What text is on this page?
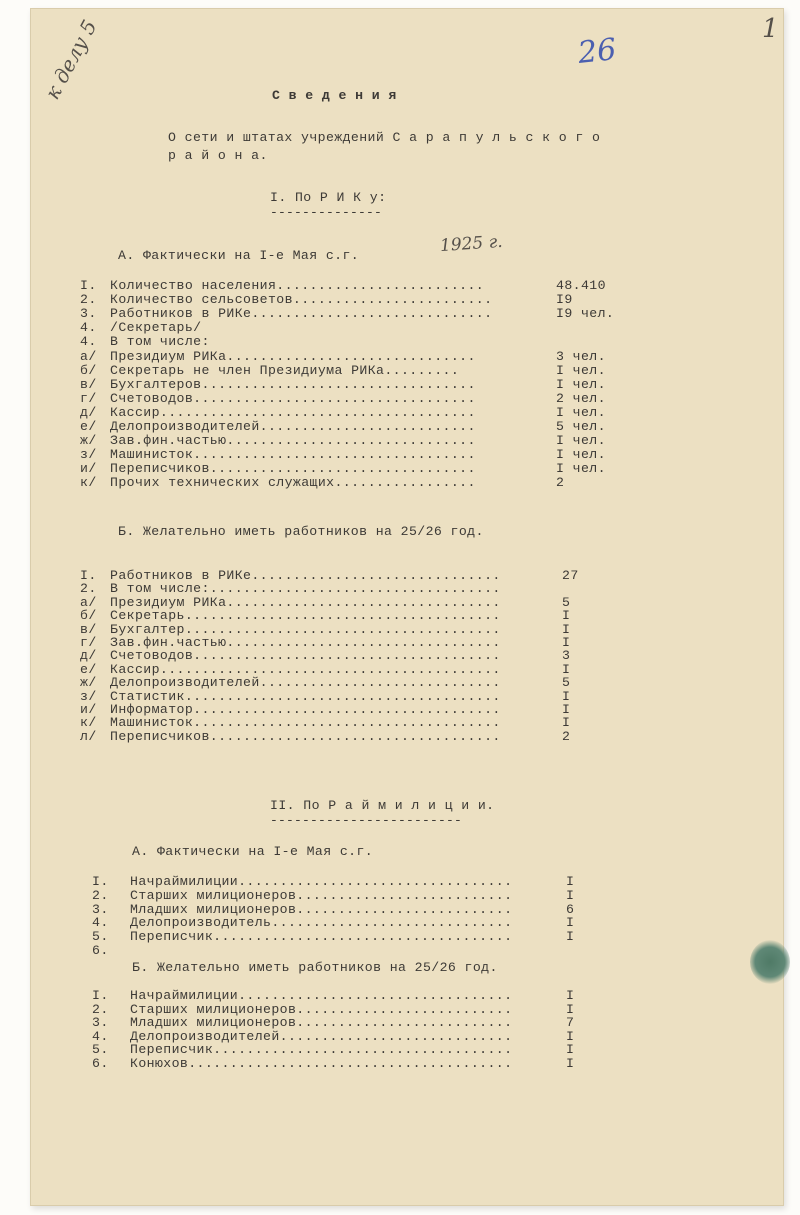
1
26
к делу 5
1925 г.
С в е д е н и я
О сети и штатах учреждений С а р а п у л ь с к о г о
р а й о н а.
I. По Р И К у:
--------------
А. Фактически на I-е Мая с.г.
I. Количество населения.........................	48.410
2. Количество сельсоветов........................	I9
3. Работников в РИКе.............................	I9 чел.
4. /Секретарь/
4. В том числе:
а/ Президиум РИКа..............................	3 чел.
б/ Секретарь не член Президиума РИКа.........	I чел.
в/ Бухгалтеров.................................	I чел.
г/ Счетоводов..................................	2 чел.
д/ Кассир......................................	I чел.
е/ Делопроизводителей..........................	5 чел.
ж/ Зав.фин.частью..............................	I чел.
з/ Машинисток..................................	I чел.
и/ Переписчиков................................	I чел.
к/ Прочих технических служащих.................	2
Б. Желательно иметь работников на 25/26 год.
I. Работников в РИКе..............................	27
2. В том числе:...................................
а/ Президиум РИКа.................................	5
б/ Секретарь......................................	I
в/ Бухгалтер......................................	I
г/ Зав.фин.частью.................................	I
д/ Счетоводов.....................................	3
е/ Кассир.........................................	I
ж/ Делопроизводителей.............................	5
з/ Статистик......................................	I
и/ Информатор.....................................	I
к/ Машинисток.....................................	I
л/ Переписчиков...................................	2
II. По Р а й м и л и ц и и.
------------------------
А. Фактически на I-е Мая с.г.
I. Начраймилиции.................................	I
2. Старших милиционеров..........................	I
3. Младших милиционеров..........................	6
4. Делопроизводитель.............................	I
5. Переписчик....................................	I
6.
Б. Желательно иметь работников на 25/26 год.
I. Начраймилиции.................................	I
2. Старших милиционеров..........................	I
3. Младших милиционеров..........................	7
4. Делопроизводителей............................	I
5. Переписчик....................................	I
6. Конюхов.......................................	I
